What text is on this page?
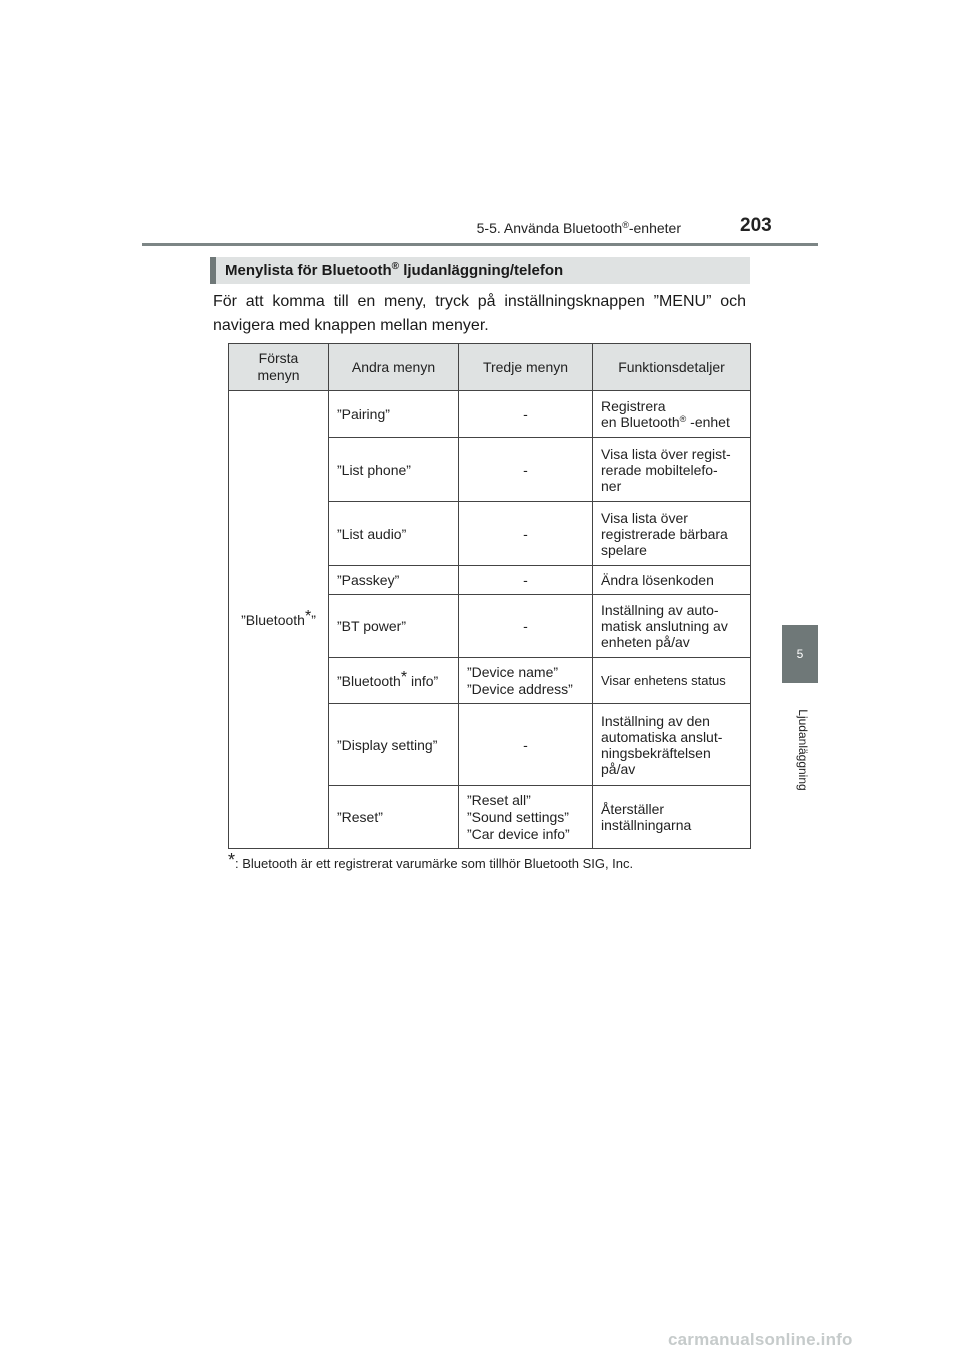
5-5. Använda Bluetooth®-enheter	203
5
Ljudanläggning
Menylista för Bluetooth® ljudanläggning/telefon
För att komma till en meny, tryck på inställningsknappen ”MENU” och navigera med knappen mellan menyer.
Första
menyn	Andra menyn	Tredje menyn	Funktionsdetaljer
”Bluetooth*”	”Pairing”	-	Registrera
en Bluetooth® -enhet
	”List phone”	-	Visa lista över regist-
rerade mobiltelefo-
ner
	”List audio”	-	Visa lista över
registrerade bärbara
spelare
	”Passkey”	-	Ändra lösenkoden
	”BT power”	-	Inställning av auto-
matisk anslutning av
enheten på/av
	”Bluetooth* info”	”Device name”
”Device address”	Visar enhetens status
	”Display setting”	-	Inställning av den
automatiska anslut-
ningsbekräftelsen
på/av
	”Reset”	”Reset all”
”Sound settings”
”Car device info”	Återställer
inställningarna
*: Bluetooth är ett registrerat varumärke som tillhör Bluetooth SIG, Inc.
carmanualsonline.info
